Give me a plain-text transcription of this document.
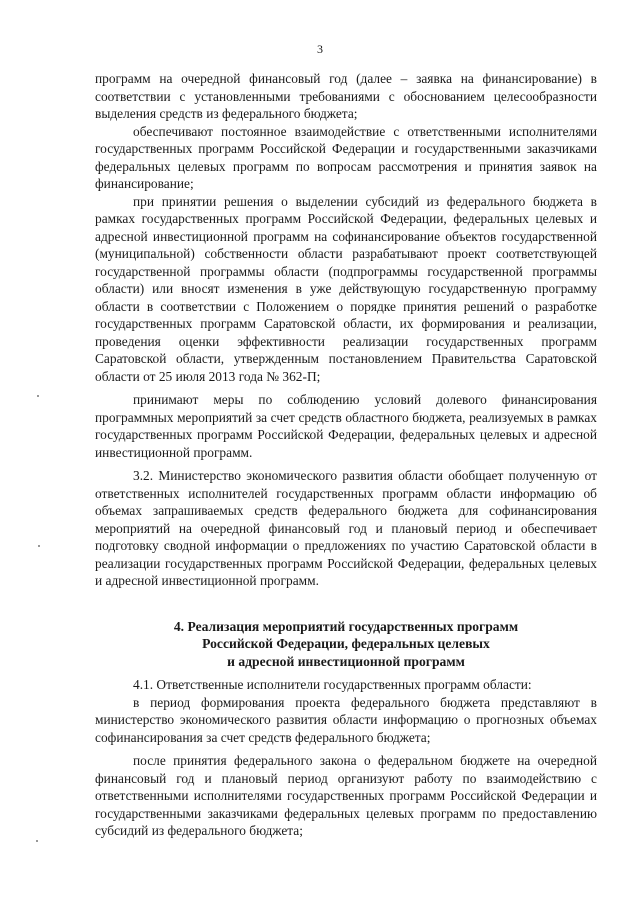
3

программ на очередной финансовый год (далее – заявка на финансирование) в соответствии с установленными требованиями с обоснованием целесообразности выделения средств из федерального бюджета;

обеспечивают постоянное взаимодействие с ответственными исполнителями государственных программ Российской Федерации и государственными заказчиками федеральных целевых программ по вопросам рассмотрения и принятия заявок на финансирование;

при принятии решения о выделении субсидий из федерального бюджета в рамках государственных программ Российской Федерации, федеральных целевых и адресной инвестиционной программ на софинансирование объектов государственной (муниципальной) собственности области разрабатывают проект соответствующей государственной программы области (подпрограммы государственной программы области) или вносят изменения в уже действующую государственную программу области в соответствии с Положением о порядке принятия решений о разработке государственных программ Саратовской области, их формирования и реализации, проведения оценки эффективности реализации государственных программ Саратовской области, утвержденным постановлением Правительства Саратовской области от 25 июля 2013 года № 362-П;

принимают меры по соблюдению условий долевого финансирования программных мероприятий за счет средств областного бюджета, реализуемых в рамках государственных программ Российской Федерации, федеральных целевых и адресной инвестиционной программ.

3.2. Министерство экономического развития области обобщает полученную от ответственных исполнителей государственных программ области информацию об объемах запрашиваемых средств федерального бюджета для софинансирования мероприятий на очередной финансовый год и плановый период и обеспечивает подготовку сводной информации о предложениях по участию Саратовской области в реализации государственных программ Российской Федерации, федеральных целевых и адресной инвестиционной программ.

4. Реализация мероприятий государственных программ
Российской Федерации, федеральных целевых
и адресной инвестиционной программ

4.1. Ответственные исполнители государственных программ области:

в период формирования проекта федерального бюджета представляют в министерство экономического развития области информацию о прогнозных объемах софинансирования за счет средств федерального бюджета;

после принятия федерального закона о федеральном бюджете на очередной финансовый год и плановый период организуют работу по взаимодействию с ответственными исполнителями государственных программ Российской Федерации и государственными заказчиками федеральных целевых программ по предоставлению субсидий из федерального бюджета;
